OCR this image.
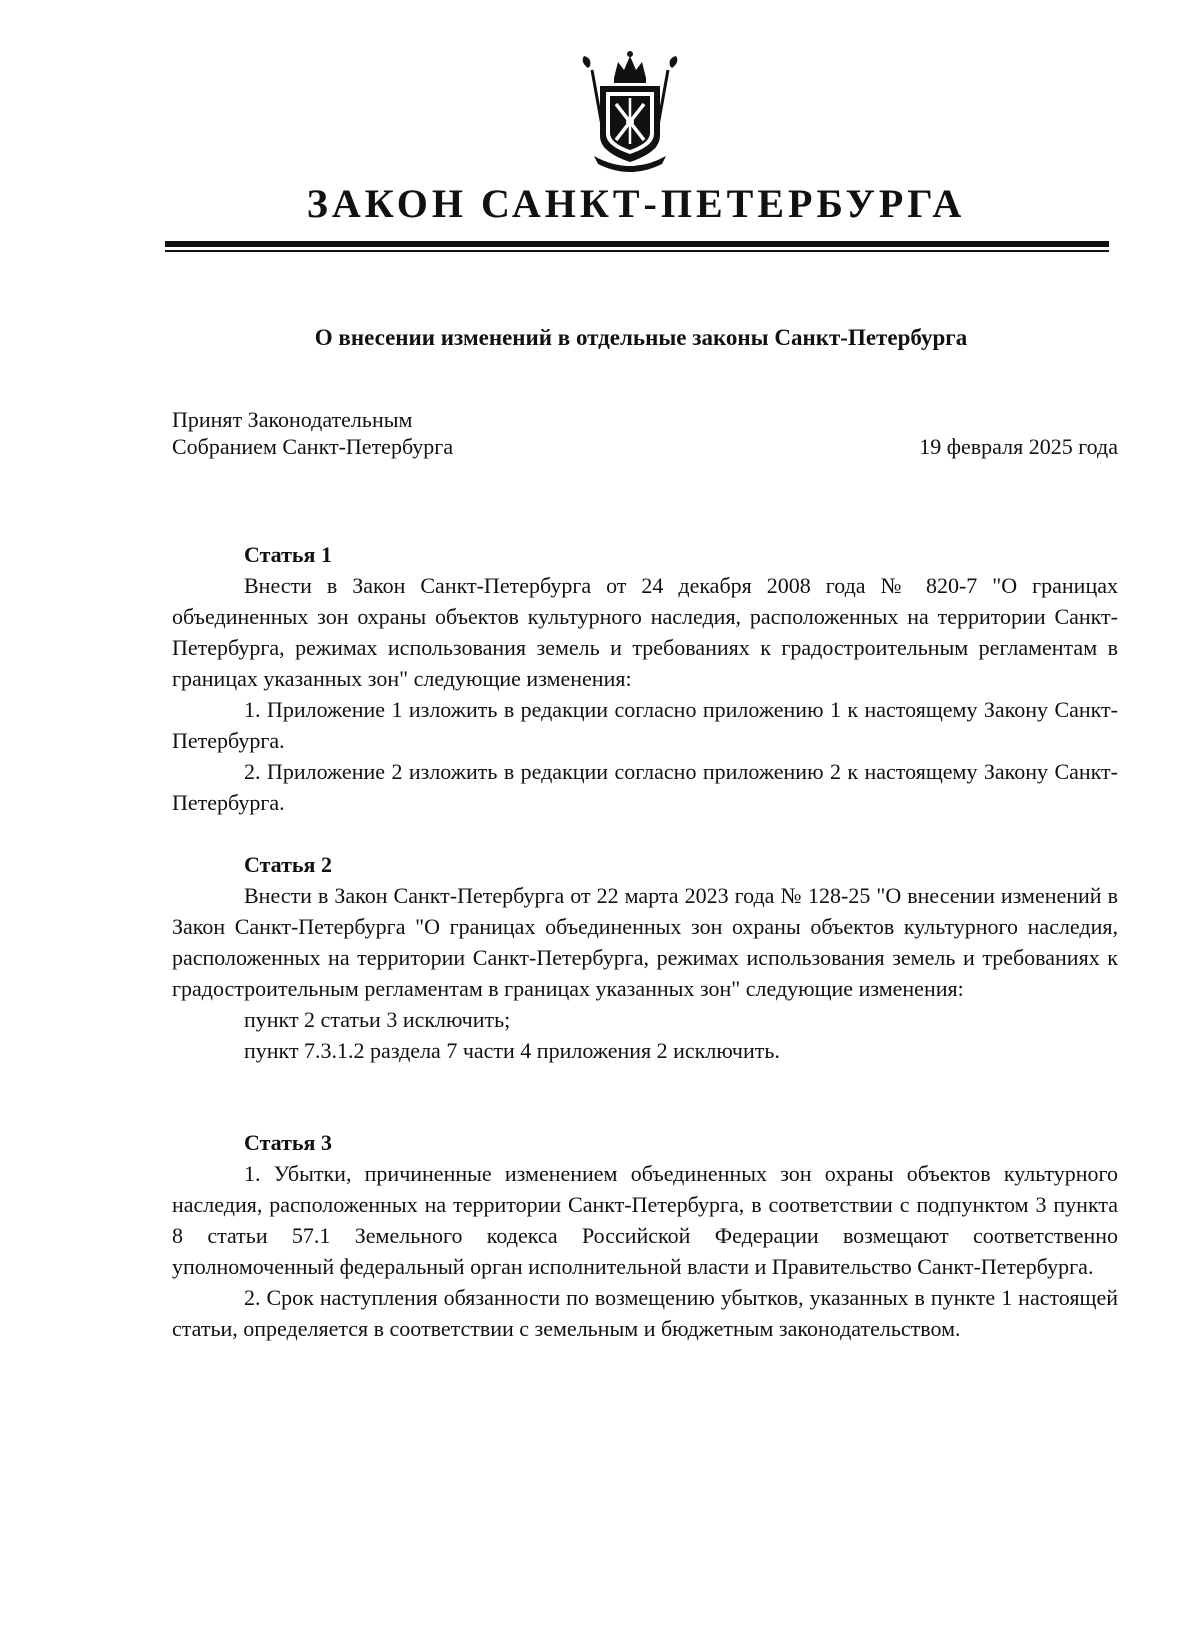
ЗАКОН САНКТ-ПЕТЕРБУРГА
О внесении изменений в отдельные законы Санкт-Петербурга
Принят Законодательным
Собранием Санкт-Петербурга	19 февраля 2025 года

Статья 1

Внести в Закон Санкт-Петербурга от 24 декабря 2008 года № 820-7 "О границах объединенных зон охраны объектов культурного наследия, расположенных на территории Санкт-Петербурга, режимах использования земель и требованиях к градостроительным регламентам в границах указанных зон" следующие изменения:

1. Приложение 1 изложить в редакции согласно приложению 1 к настоящему Закону Санкт-Петербурга.

2. Приложение 2 изложить в редакции согласно приложению 2 к настоящему Закону Санкт-Петербурга.

Статья 2

Внести в Закон Санкт-Петербурга от 22 марта 2023 года № 128-25 "О внесении изменений в Закон Санкт-Петербурга "О границах объединенных зон охраны объектов культурного наследия, расположенных на территории Санкт-Петербурга, режимах использования земель и требованиях к градостроительным регламентам в границах указанных зон" следующие изменения:

пункт 2 статьи 3 исключить;

пункт 7.3.1.2 раздела 7 части 4 приложения 2 исключить.

Статья 3

1. Убытки, причиненные изменением объединенных зон охраны объектов культурного наследия, расположенных на территории Санкт-Петербурга, в соответствии с подпунктом 3 пункта 8 статьи 57.1 Земельного кодекса Российской Федерации возмещают соответственно уполномоченный федеральный орган исполнительной власти и Правительство Санкт-Петербурга.

2. Срок наступления обязанности по возмещению убытков, указанных в пункте 1 настоящей статьи, определяется в соответствии с земельным и бюджетным законодательством.
